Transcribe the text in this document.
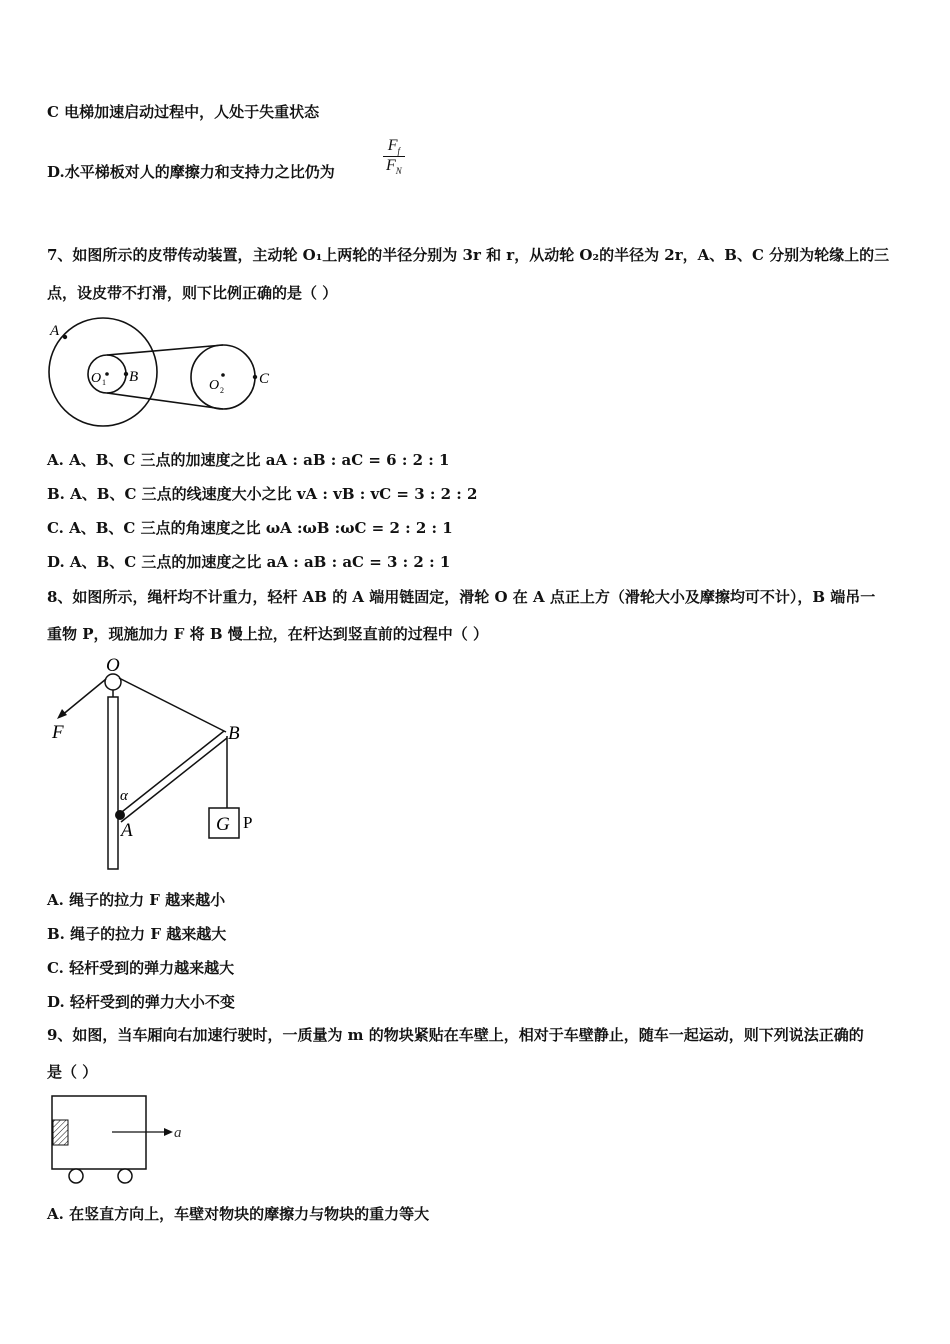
C 电梯加速启动过程中，人处于失重状态
D.水平梯板对人的摩擦力和支持力之比仍为	$\frac{F_f}{F_N}$
7、如图所示的皮带传动装置，主动轮 O₁上两轮的半径分别为 3r 和 r，从动轮 O₂的半径为 2r，A、B、C 分别为轮缘上的三
点，设皮带不打滑，则下比例正确的是（ ）
A
B	C
O 1	O 2
A. A、B、C 三点的加速度之比 aA : aB : aC = 6 : 2 : 1
B. A、B、C 三点的线速度大小之比 vA : vB : vC = 3 : 2 : 2
C. A、B、C 三点的角速度之比 ωA :ωB :ωC = 2 : 2 : 1
D. A、B、C 三点的加速度之比 aA : aB : aC = 3 : 2 : 1
8、如图所示，绳杆均不计重力，轻杆 AB 的 A 端用链固定，滑轮 O 在 A 点正上方（滑轮大小及摩擦均可不计），B 端吊一
重物 P，现施加力 F 将 B 慢上拉，在杆达到竖直前的过程中（ ）
O
F	B
α
A	G P
A. 绳子的拉力 F 越来越小
B. 绳子的拉力 F 越来越大
C. 轻杆受到的弹力越来越大
D. 轻杆受到的弹力大小不变
9、如图，当车厢向右加速行驶时，一质量为 m 的物块紧贴在车壁上，相对于车壁静止，随车一起运动，则下列说法正确的
是（ ）
a
A. 在竖直方向上，车壁对物块的摩擦力与物块的重力等大
